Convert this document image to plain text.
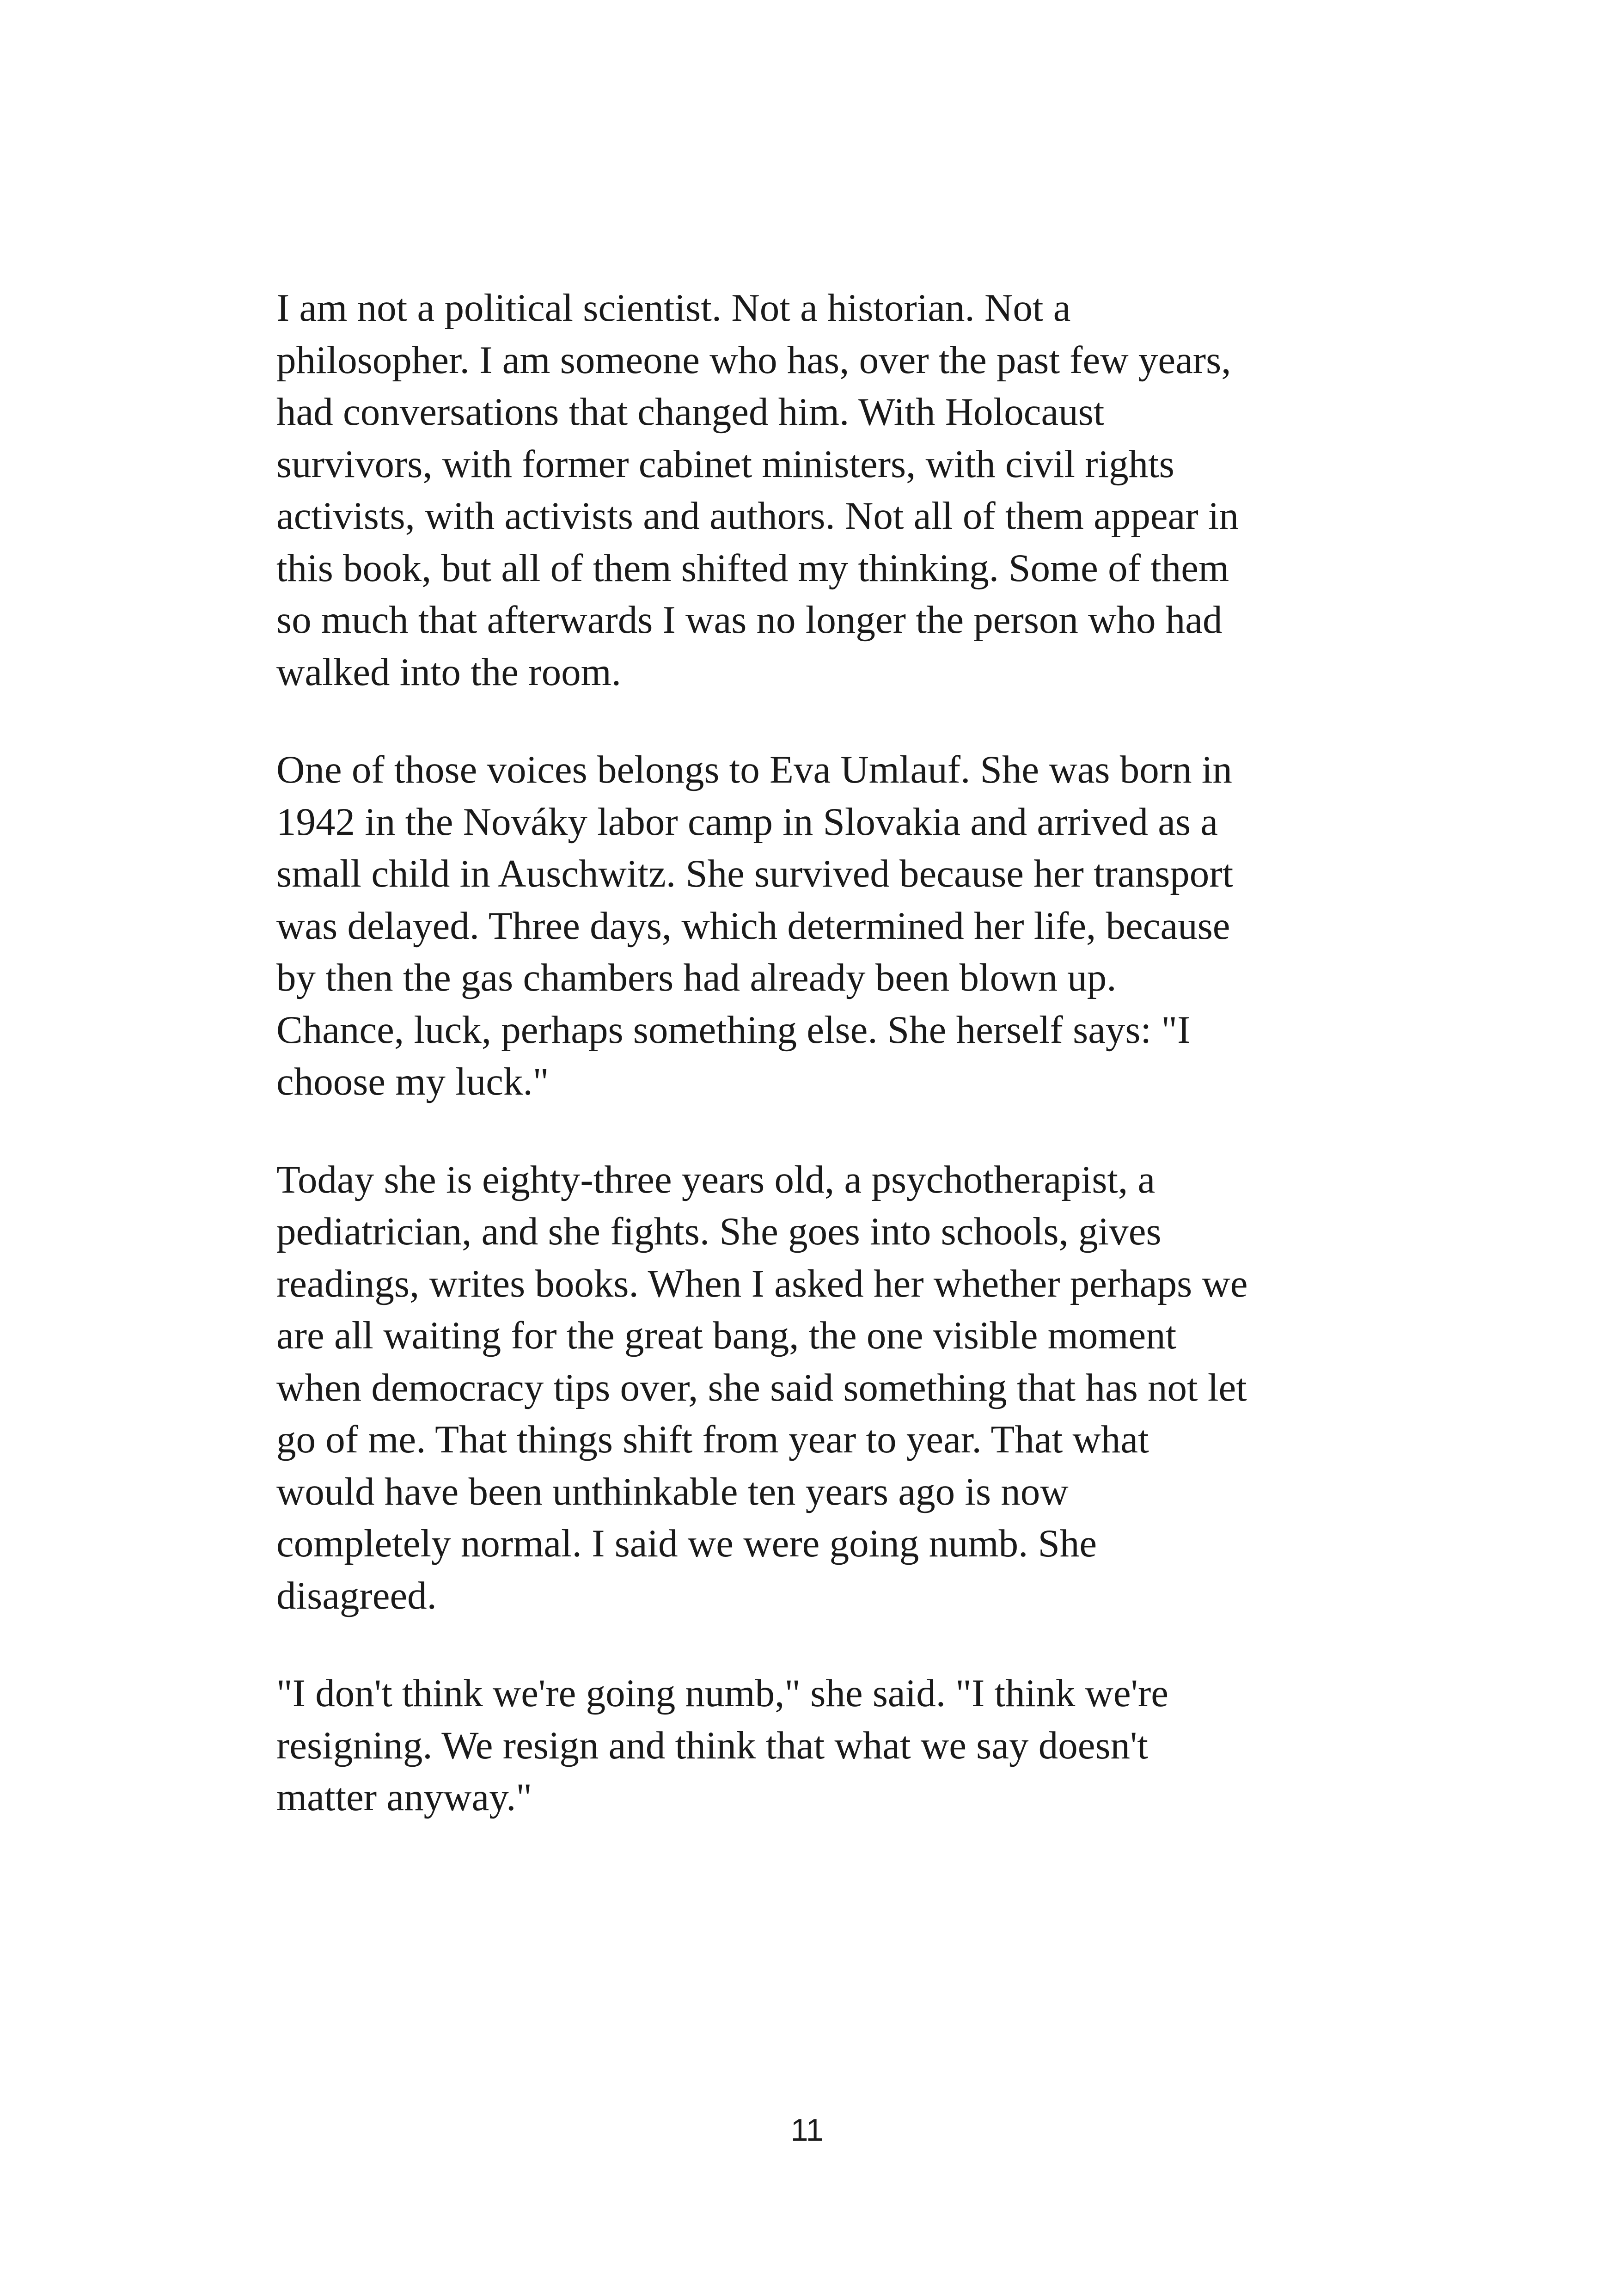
I am not a political scientist. Not a historian. Not a
philosopher. I am someone who has, over the past few years,
had conversations that changed him. With Holocaust
survivors, with former cabinet ministers, with civil rights
activists, with activists and authors. Not all of them appear in
this book, but all of them shifted my thinking. Some of them
so much that afterwards I was no longer the person who had
walked into the room.
One of those voices belongs to Eva Umlauf. She was born in
1942 in the Nováky labor camp in Slovakia and arrived as a
small child in Auschwitz. She survived because her transport
was delayed. Three days, which determined her life, because
by then the gas chambers had already been blown up.
Chance, luck, perhaps something else. She herself says: "I
choose my luck."
Today she is eighty-three years old, a psychotherapist, a
pediatrician, and she fights. She goes into schools, gives
readings, writes books. When I asked her whether perhaps we
are all waiting for the great bang, the one visible moment
when democracy tips over, she said something that has not let
go of me. That things shift from year to year. That what
would have been unthinkable ten years ago is now
completely normal. I said we were going numb. She
disagreed.
"I don't think we're going numb," she said. "I think we're
resigning. We resign and think that what we say doesn't
matter anyway."
11
